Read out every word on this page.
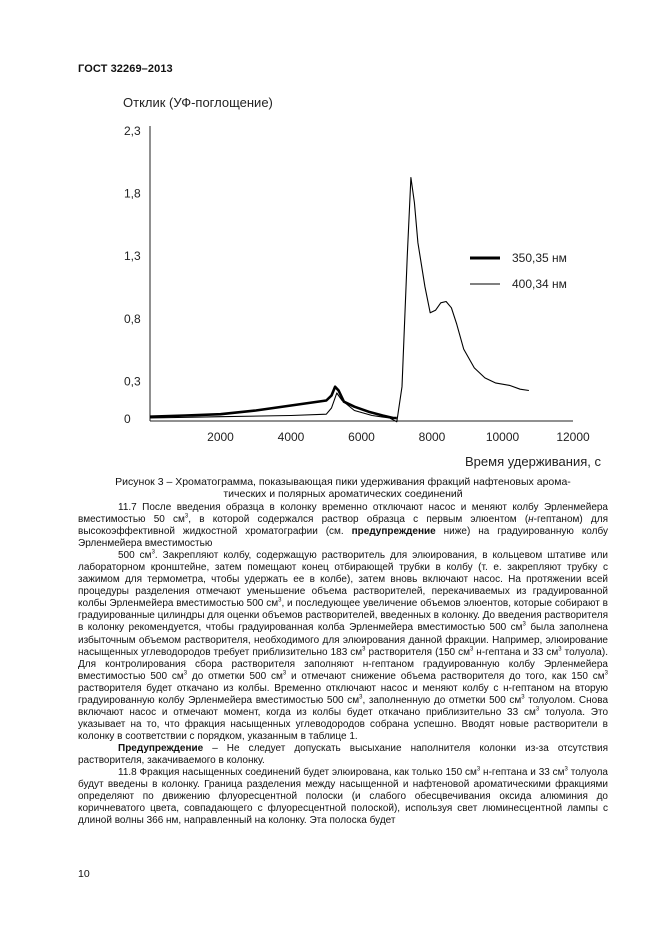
ГОСТ 32269–2013
Отклик (УФ-поглощение)
Время удерживания, с
2,3
1,8
1,3
0,8
0,3
0
2000	4000	6000	8000	10000	12000
350,35 нм
400,34 нм
Рисунок 3 – Хроматограмма, показывающая пики удерживания фракций нафтеновых арома-
тических и полярных ароматических соединений

11.7 После введения образца в колонку временно отключают насос и меняют колбу Эрленмейера вместимостью 50 $см^3$, в которой содержался раствор образца с первым элюентом (н-гептаном) для высокоэффективной жидкостной хроматографии (см. предупреждение ниже) на градуированную колбу Эрленмейера вместимостью

500 $см^3$. Закрепляют колбу, содержащую растворитель для элюирования, в кольцевом штативе или лабораторном кронштейне, затем помещают конец отбирающей трубки в колбу (т. е. закрепляют трубку с зажимом для термометра, чтобы удержать ее в колбе), затем вновь включают насос. На протяжении всей процедуры разделения отмечают уменьшение объема растворителей, перекачиваемых из градуированной колбы Эрленмейера вместимостью 500 $см^3$, и последующее увеличение объемов элюентов, которые собирают в градуированные цилиндры для оценки объемов растворителей, введенных в колонку. До введения растворителя в колонку рекомендуется, чтобы градуированная колба Эрленмейера вместимостью 500 $см^3$ была заполнена избыточным объемом растворителя, необходимого для элюирования данной фракции. Например, элюирование насыщенных углеводородов требует приблизительно 183 $см^3$ растворителя (150 $см^3$ н-гептана и 33 $см^3$ толуола). Для контролирования сбора растворителя заполняют н-гептаном градуированную колбу Эрленмейера вместимостью 500 $см^3$ до отметки 500 $см^3$ и отмечают снижение объема растворителя до того, как 150 $см^3$ растворителя будет откачано из колбы. Временно отключают насос и меняют колбу с н-гептаном на вторую градуированную колбу Эрленмейера вместимостью 500 $см^3$, заполненную до отметки 500 $см^3$ толуолом. Снова включают насос и отмечают момент, когда из колбы будет откачано приблизительно 33 $см^3$ толуола. Это указывает на то, что фракция насыщенных углеводородов собрана успешно. Вводят новые растворители в колонку в соответствии с порядком, указанным в таблице 1.

Предупреждение – Не следует допускать высыхание наполнителя колонки из-за отсутствия растворителя, закачиваемого в колонку.

11.8 Фракция насыщенных соединений будет элюирована, как только 150 $см^3$ н-гептана и 33 $см^3$ толуола будут введены в колонку. Граница разделения между насыщенной и нафтеновой ароматическими фракциями определяют по движению флуоресцентной полоски (и слабого обесцвечивания оксида алюминия до коричневатого цвета, совпадающего с флуоресцентной полоской), используя свет люминесцентной лампы с длиной волны 366 нм, направленный на колонку. Эта полоска будет

10
